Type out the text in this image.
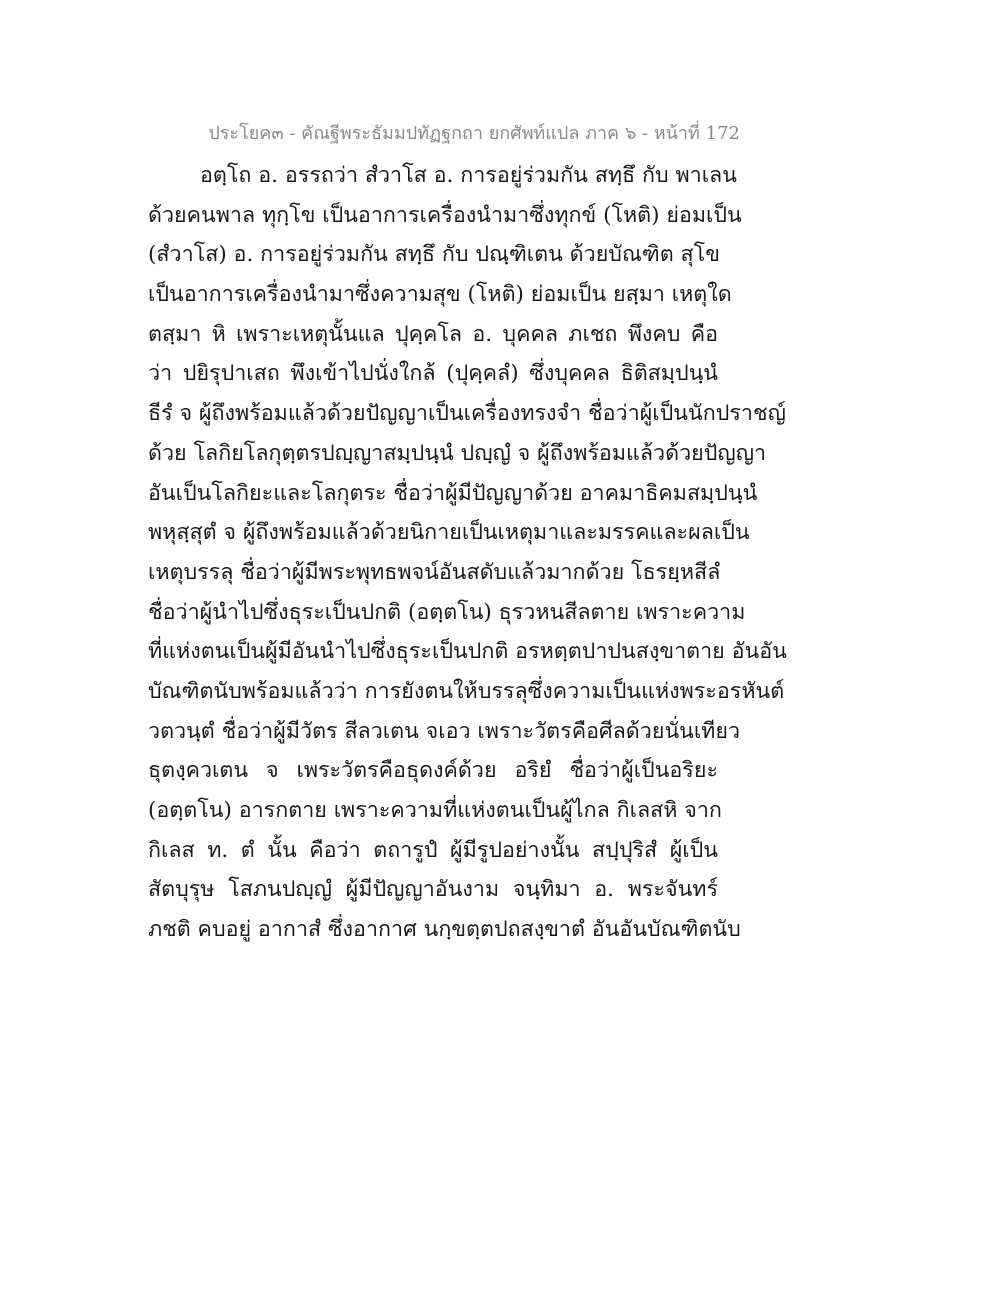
ประโยค๓ - คัณฐีพระธัมมปทัฏฐกถา ยกศัพท์แปล ภาค ๖ - หน้าที่ 172
อตฺโถ อ. อรรถว่า สํวาโส อ. การอยู่ร่วมกัน สทฺธึ กับ พาเลน
ด้วยคนพาล ทุกฺโข เป็นอาการเครื่องนำมาซึ่งทุกข์ (โหติ) ย่อมเป็น
(สํวาโส) อ. การอยู่ร่วมกัน สทฺธึ กับ ปณฺฑิเตน ด้วยบัณฑิต สุโข
เป็นอาการเครื่องนำมาซึ่งความสุข (โหติ) ย่อมเป็น ยสฺมา เหตุใด
ตสฺมา หิ เพราะเหตุนั้นแล ปุคฺคโล อ. บุคคล ภเชถ พึงคบ คือ
ว่า ปยิรุปาเสถ พึงเข้าไปนั่งใกล้ (ปุคฺคลํ) ซึ่งบุคคล ธิติสมฺปนฺนํ
ธีรํ จ ผู้ถึงพร้อมแล้วด้วยปัญญาเป็นเครื่องทรงจำ ชื่อว่าผู้เป็นนักปราชญ์
ด้วย โลกิยโลกุตฺตรปญฺญาสมฺปนฺนํ ปญฺญํ จ ผู้ถึงพร้อมแล้วด้วยปัญญา
อันเป็นโลกิยะและโลกุตระ ชื่อว่าผู้มีปัญญาด้วย อาคมาธิคมสมฺปนฺนํ
พหุสฺสุตํ จ ผู้ถึงพร้อมแล้วด้วยนิกายเป็นเหตุมาและมรรคและผลเป็น
เหตุบรรลุ ชื่อว่าผู้มีพระพุทธพจน์อันสดับแล้วมากด้วย โธรยฺหสีลํ
ชื่อว่าผู้นำไปซึ่งธุระเป็นปกติ (อตฺตโน) ธุรวหนสีลตาย เพราะความ
ที่แห่งตนเป็นผู้มีอันนำไปซึ่งธุระเป็นปกติ อรหตฺตปาปนสงฺขาตาย อันอัน
บัณฑิตนับพร้อมแล้วว่า การยังตนให้บรรลุซึ่งความเป็นแห่งพระอรหันต์
วตวนฺตํ ชื่อว่าผู้มีวัตร สีลวเตน จเอว เพราะวัตรคือศีลด้วยนั่นเทียว
ธุตงฺควเตน จ เพระวัตรคือธุดงค์ด้วย อริยํ ชื่อว่าผู้เป็นอริยะ
(อตฺตโน) อารกตาย เพราะความที่แห่งตนเป็นผู้ไกล กิเลสหิ จาก
กิเลส ท. ตํ นั้น คือว่า ตถารูปํ ผู้มีรูปอย่างนั้น สปฺปุริสํ ผู้เป็น
สัตบุรุษ โสภนปญฺญํ ผู้มีปัญญาอันงาม จนฺทิมา อ. พระจันทร์
ภชติ คบอยู่ อากาสํ ซึ่งอากาศ นกฺขตฺตปถสงฺขาตํ อันอันบัณฑิตนับ
